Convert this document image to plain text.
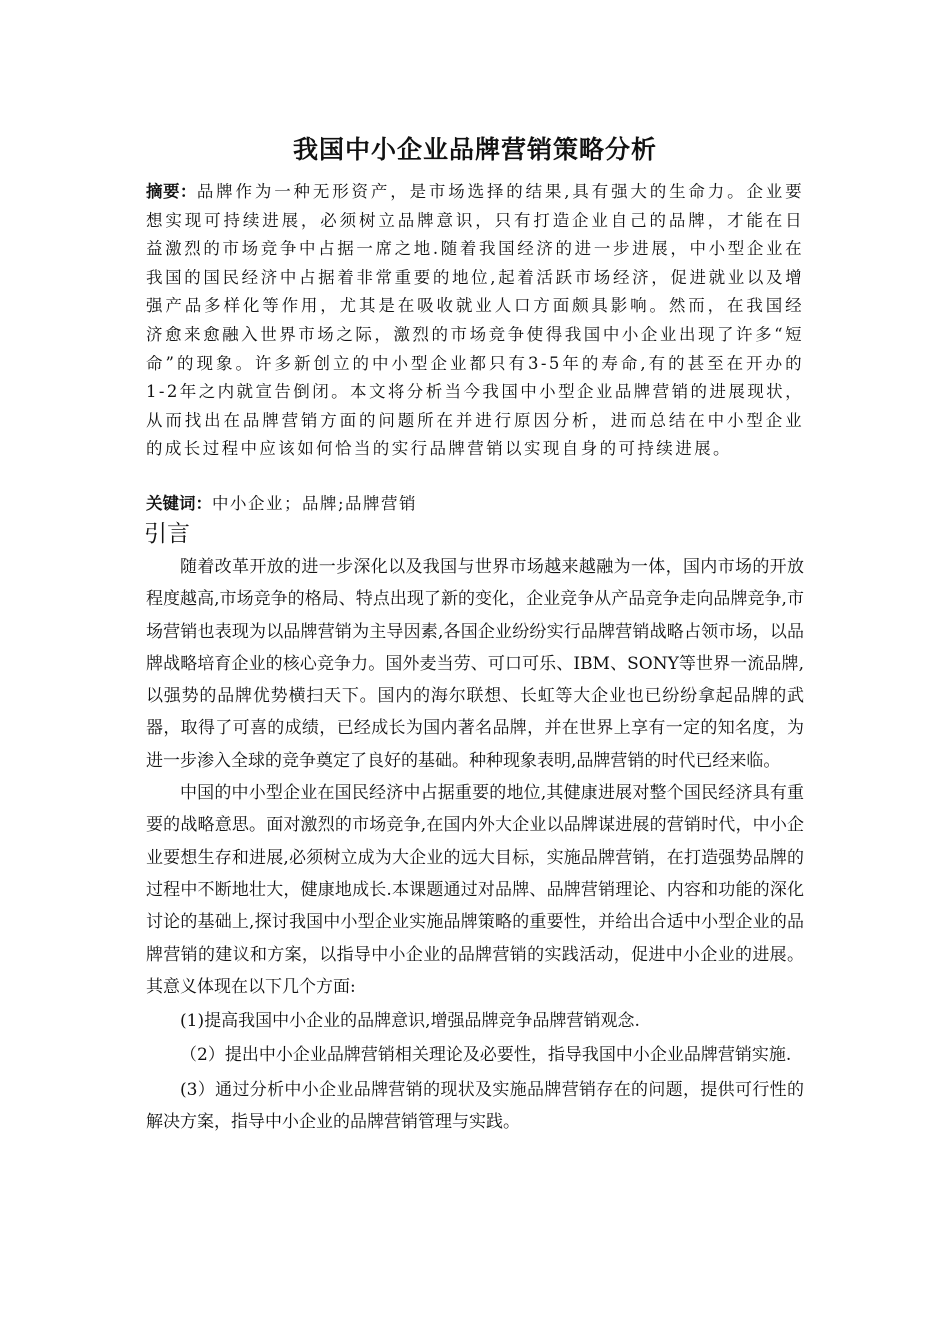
我国中小企业品牌营销策略分析
摘要：品牌作为一种无形资产，是市场选择的结果,具有强大的生命力。企业要想实现可持续进展，必须树立品牌意识，只有打造企业自己的品牌，才能在日益激烈的市场竞争中占据一席之地.随着我国经济的进一步进展，中小型企业在我国的国民经济中占据着非常重要的地位,起着活跃市场经济，促进就业以及增强产品多样化等作用，尤其是在吸收就业人口方面颇具影响。然而，在我国经济愈来愈融入世界市场之际，激烈的市场竞争使得我国中小企业出现了许多“短命”的现象。许多新创立的中小型企业都只有3-5年的寿命,有的甚至在开办的1-2年之内就宣告倒闭。本文将分析当今我国中小型企业品牌营销的进展现状，从而找出在品牌营销方面的问题所在并进行原因分析，进而总结在中小型企业的成长过程中应该如何恰当的实行品牌营销以实现自身的可持续进展。
关键词：中小企业；品牌;品牌营销
引言

随着改革开放的进一步深化以及我国与世界市场越来越融为一体，国内市场的开放程度越高,市场竞争的格局、特点出现了新的变化，企业竞争从产品竞争走向品牌竞争,市场营销也表现为以品牌营销为主导因素,各国企业纷纷实行品牌营销战略占领市场，以品牌战略培育企业的核心竞争力。国外麦当劳、可口可乐、IBM、SONY等世界一流品牌,以强势的品牌优势横扫天下。国内的海尔联想、长虹等大企业也已纷纷拿起品牌的武器，取得了可喜的成绩，已经成长为国内著名品牌，并在世界上享有一定的知名度，为进一步渗入全球的竞争奠定了良好的基础。种种现象表明,品牌营销的时代已经来临。

中国的中小型企业在国民经济中占据重要的地位,其健康进展对整个国民经济具有重要的战略意思。面对激烈的市场竞争,在国内外大企业以品牌谋进展的营销时代，中小企业要想生存和进展,必须树立成为大企业的远大目标，实施品牌营销，在打造强势品牌的过程中不断地壮大，健康地成长.本课题通过对品牌、品牌营销理论、内容和功能的深化讨论的基础上,探讨我国中小型企业实施品牌策略的重要性，并给出合适中小型企业的品牌营销的建议和方案，以指导中小企业的品牌营销的实践活动，促进中小企业的进展。其意义体现在以下几个方面:

(1)提高我国中小企业的品牌意识,增强品牌竞争品牌营销观念.

（2）提出中小企业品牌营销相关理论及必要性，指导我国中小企业品牌营销实施.

(3）通过分析中小企业品牌营销的现状及实施品牌营销存在的问题，提供可行性的解决方案，指导中小企业的品牌营销管理与实践。
